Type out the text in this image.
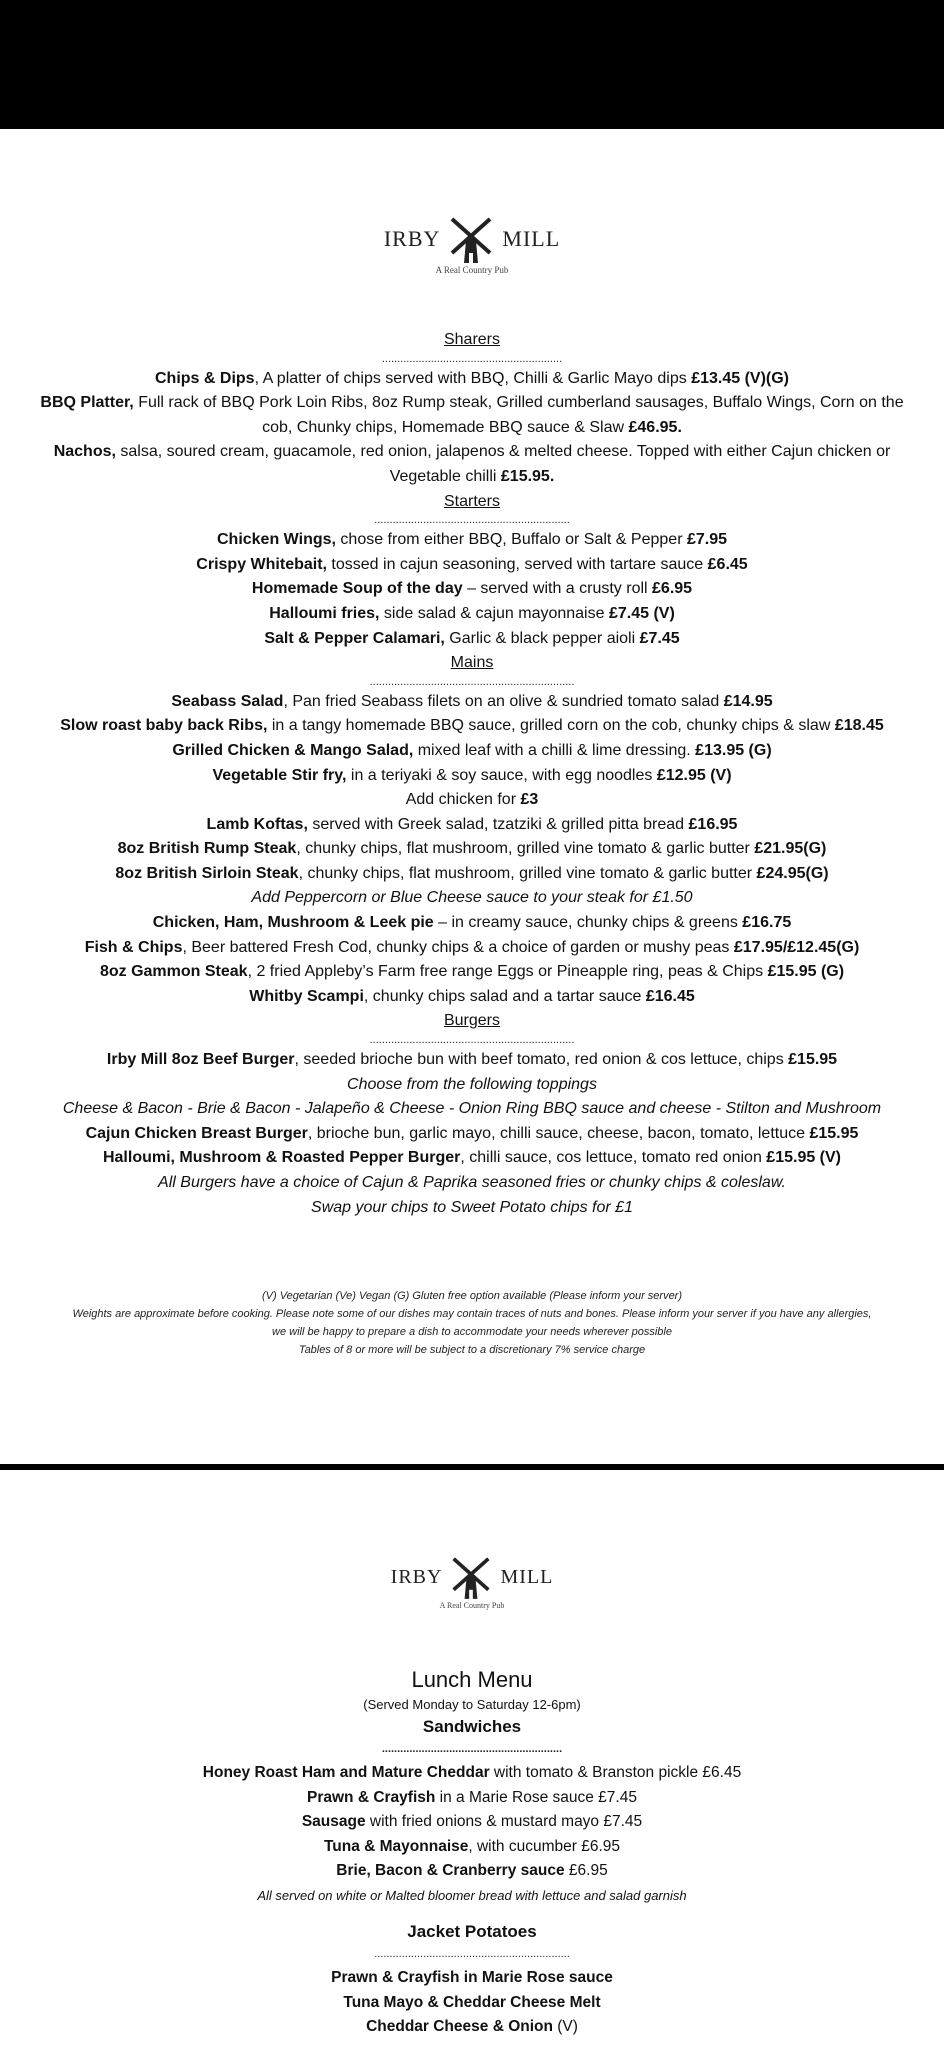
IRBY	MILL
A Real Country Pub
Sharers
...........................................................
Chips & Dips, A platter of chips served with BBQ, Chilli & Garlic Mayo dips £13.45 (V)(G)
BBQ Platter, Full rack of BBQ Pork Loin Ribs, 8oz Rump steak, Grilled cumberland sausages, Buffalo Wings, Corn on the
cob, Chunky chips, Homemade BBQ sauce & Slaw £46.95.
Nachos, salsa, soured cream, guacamole, red onion, jalapenos & melted cheese. Topped with either Cajun chicken or
Vegetable chilli £15.95.
Starters
................................................................
Chicken Wings, chose from either BBQ, Buffalo or Salt & Pepper £7.95
Crispy Whitebait, tossed in cajun seasoning, served with tartare sauce £6.45
Homemade Soup of the day – served with a crusty roll £6.95
Halloumi fries, side salad & cajun mayonnaise £7.45 (V)
Salt & Pepper Calamari, Garlic & black pepper aioli £7.45
Mains
...................................................................
Seabass Salad, Pan fried Seabass filets on an olive & sundried tomato salad £14.95
Slow roast baby back Ribs, in a tangy homemade BBQ sauce, grilled corn on the cob, chunky chips & slaw £18.45
Grilled Chicken & Mango Salad, mixed leaf with a chilli & lime dressing. £13.95 (G)
Vegetable Stir fry, in a teriyaki & soy sauce, with egg noodles £12.95 (V)
Add chicken for £3
Lamb Koftas, served with Greek salad, tzatziki & grilled pitta bread £16.95
8oz British Rump Steak, chunky chips, flat mushroom, grilled vine tomato & garlic butter £21.95(G)
8oz British Sirloin Steak, chunky chips, flat mushroom, grilled vine tomato & garlic butter £24.95(G)
Add Peppercorn or Blue Cheese sauce to your steak for £1.50
Chicken, Ham, Mushroom & Leek pie – in creamy sauce, chunky chips & greens £16.75
Fish & Chips, Beer battered Fresh Cod, chunky chips & a choice of garden or mushy peas £17.95/£12.45(G)
8oz Gammon Steak, 2 fried Appleby’s Farm free range Eggs or Pineapple ring, peas & Chips £15.95 (G)
Whitby Scampi, chunky chips salad and a tartar sauce £16.45
Burgers
...................................................................
Irby Mill 8oz Beef Burger, seeded brioche bun with beef tomato, red onion & cos lettuce, chips £15.95
Choose from the following toppings
Cheese & Bacon - Brie & Bacon - Jalapeño & Cheese - Onion Ring BBQ sauce and cheese - Stilton and Mushroom
Cajun Chicken Breast Burger, brioche bun, garlic mayo, chilli sauce, cheese, bacon, tomato, lettuce £15.95
Halloumi, Mushroom & Roasted Pepper Burger, chilli sauce, cos lettuce, tomato red onion £15.95 (V)
All Burgers have a choice of Cajun & Paprika seasoned fries or chunky chips & coleslaw.
Swap your chips to Sweet Potato chips for £1
(V) Vegetarian (Ve) Vegan (G) Gluten free option available (Please inform your server)
Weights are approximate before cooking. Please note some of our dishes may contain traces of nuts and bones. Please inform your server if you have any allergies,
we will be happy to prepare a dish to accommodate your needs wherever possible
Tables of 8 or more will be subject to a discretionary 7% service charge
IRBY	MILL
A Real Country Pub
Lunch Menu
(Served Monday to Saturday 12-6pm)
Sandwiches
...........................................................
Honey Roast Ham and Mature Cheddar with tomato & Branston pickle £6.45
Prawn & Crayfish in a Marie Rose sauce £7.45
Sausage with fried onions & mustard mayo £7.45
Tuna & Mayonnaise, with cucumber £6.95
Brie, Bacon & Cranberry sauce £6.95
All served on white or Malted bloomer bread with lettuce and salad garnish
Jacket Potatoes
................................................................
Prawn & Crayfish in Marie Rose sauce
Tuna Mayo & Cheddar Cheese Melt
Cheddar Cheese & Onion (V)
